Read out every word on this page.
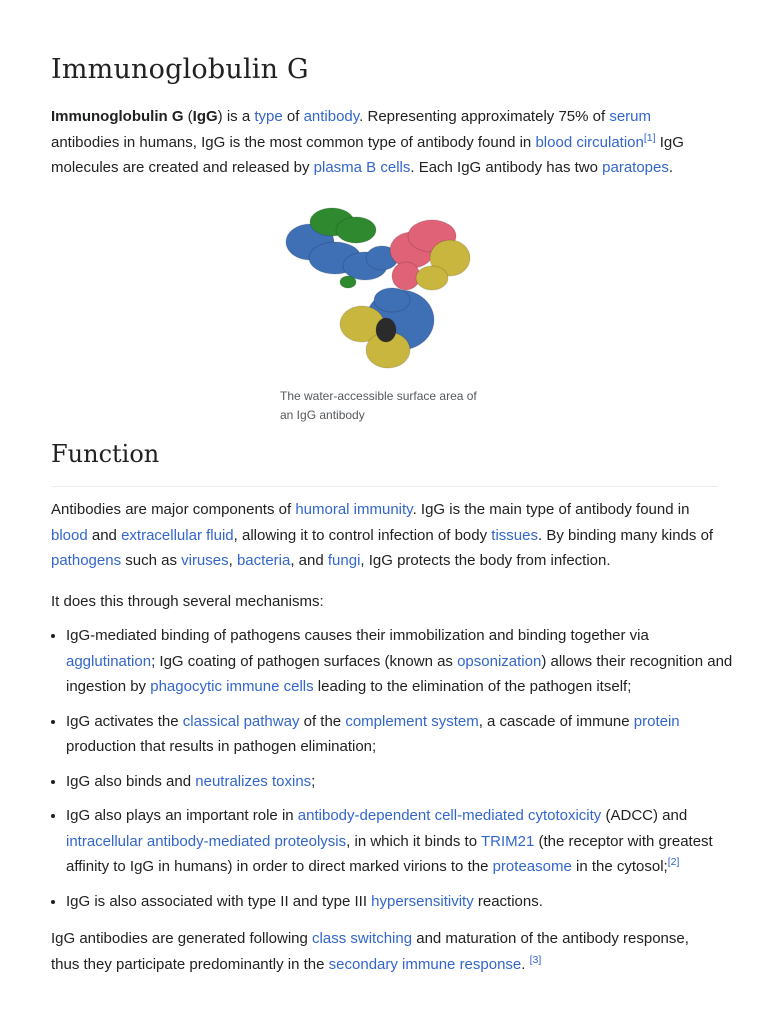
Immunoglobulin G

Immunoglobulin G (IgG) is a type of antibody. Representing approximately 75% of serum antibodies in humans, IgG is the most common type of antibody found in blood circulation[1] IgG molecules are created and released by plasma B cells. Each IgG antibody has two paratopes.

The water-accessible surface area of an IgG antibody
Function

Antibodies are major components of humoral immunity. IgG is the main type of antibody found in blood and extracellular fluid, allowing it to control infection of body tissues. By binding many kinds of pathogens such as viruses, bacteria, and fungi, IgG protects the body from infection.

It does this through several mechanisms:

• IgG-mediated binding of pathogens causes their immobilization and binding together via agglutination; IgG coating of pathogen surfaces (known as opsonization) allows their recognition and ingestion by phagocytic immune cells leading to the elimination of the pathogen itself;
• IgG activates the classical pathway of the complement system, a cascade of immune protein production that results in pathogen elimination;
• IgG also binds and neutralizes toxins;
• IgG also plays an important role in antibody-dependent cell-mediated cytotoxicity (ADCC) and intracellular antibody-mediated proteolysis, in which it binds to TRIM21 (the receptor with greatest affinity to IgG in humans) in order to direct marked virions to the proteasome in the cytosol;[2]
• IgG is also associated with type II and type III hypersensitivity reactions.

IgG antibodies are generated following class switching and maturation of the antibody response, thus they participate predominantly in the secondary immune response. [3]
